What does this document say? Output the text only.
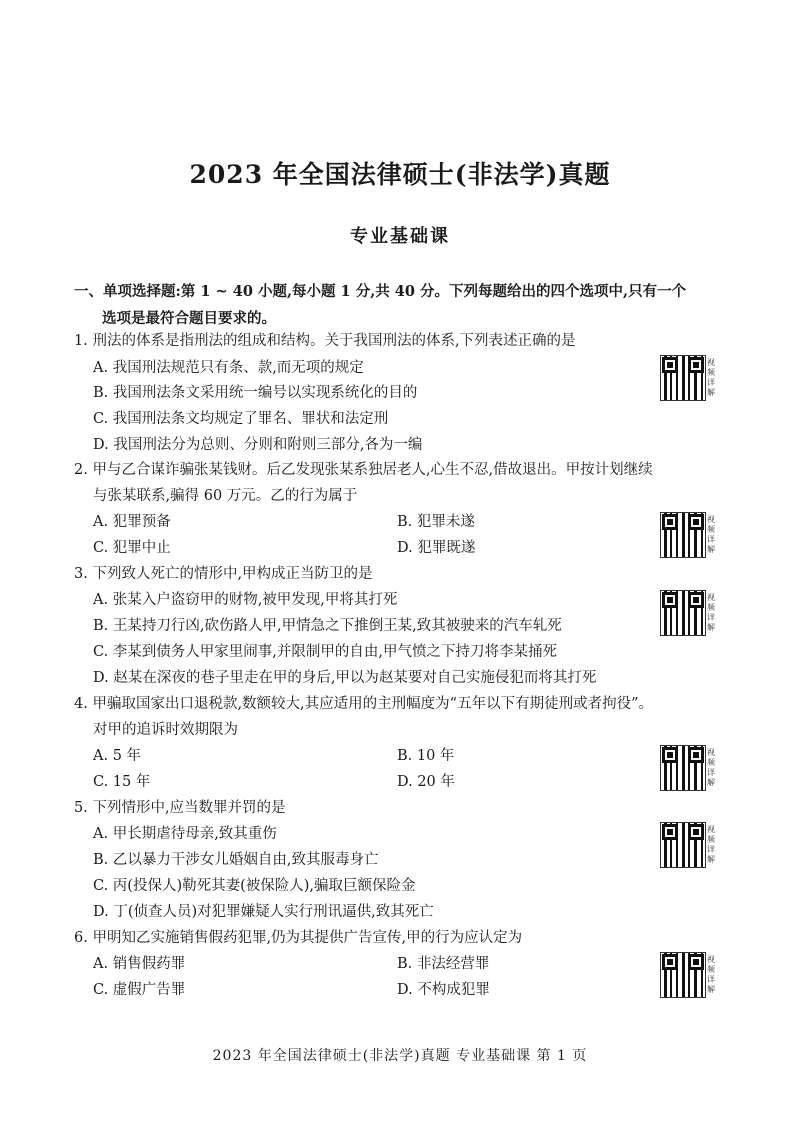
2023 年全国法律硕士(非法学)真题
专业基础课
一、单项选择题:第 1 ~ 40 小题,每小题 1 分,共 40 分。下列每题给出的四个选项中,只有一个
选项是最符合题目要求的。
1. 刑法的体系是指刑法的组成和结构。关于我国刑法的体系,下列表述正确的是
A. 我国刑法规范只有条、款,而无项的规定
B. 我国刑法条文采用统一编号以实现系统化的目的
C. 我国刑法条文均规定了罪名、罪状和法定刑
D. 我国刑法分为总则、分则和附则三部分,各为一编
视频详解
2. 甲与乙合谋诈骗张某钱财。后乙发现张某系独居老人,心生不忍,借故退出。甲按计划继续
与张某联系,骗得 60 万元。乙的行为属于
A. 犯罪预备	B. 犯罪未遂
C. 犯罪中止	D. 犯罪既遂
视频详解
3. 下列致人死亡的情形中,甲构成正当防卫的是
A. 张某入户盗窃甲的财物,被甲发现,甲将其打死
B. 王某持刀行凶,砍伤路人甲,甲情急之下推倒王某,致其被驶来的汽车轧死
C. 李某到债务人甲家里闹事,并限制甲的自由,甲气愤之下持刀将李某捅死
D. 赵某在深夜的巷子里走在甲的身后,甲以为赵某要对自己实施侵犯而将其打死
视频详解
4. 甲骗取国家出口退税款,数额较大,其应适用的主刑幅度为“五年以下有期徒刑或者拘役”。
对甲的追诉时效期限为
A. 5 年	B. 10 年
C. 15 年	D. 20 年
视频详解
5. 下列情形中,应当数罪并罚的是
A. 甲长期虐待母亲,致其重伤
B. 乙以暴力干涉女儿婚姻自由,致其服毒身亡
C. 丙(投保人)勒死其妻(被保险人),骗取巨额保险金
D. 丁(侦查人员)对犯罪嫌疑人实行刑讯逼供,致其死亡
视频详解
6. 甲明知乙实施销售假药犯罪,仍为其提供广告宣传,甲的行为应认定为
A. 销售假药罪	B. 非法经营罪
C. 虚假广告罪	D. 不构成犯罪
视频详解
2023 年全国法律硕士(非法学)真题 专业基础课 第 1 页
